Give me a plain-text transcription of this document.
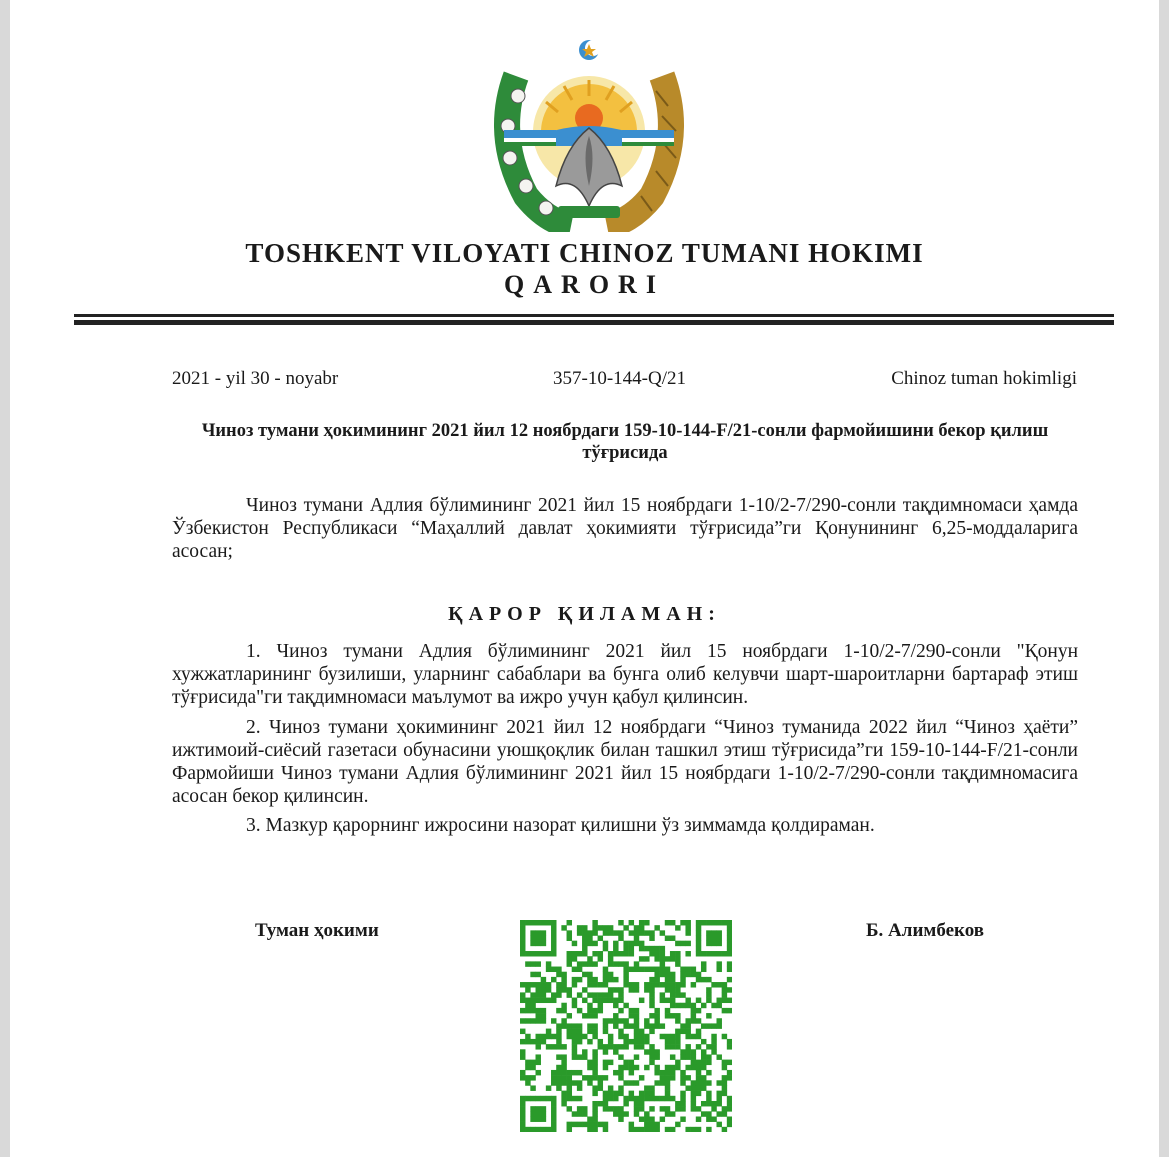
TOSHKENT VILOYATI CHINOZ TUMANI HOKIMI
QARORI
2021 - yil 30 - noyabr	357-10-144-Q/21	Chinoz tuman hokimligi
Чиноз тумани ҳокимининг 2021 йил 12 ноябрдаги 159-10-144-F/21-сонли фармойишини бекор қилиш тўғрисида
Чиноз тумани Адлия бўлимининг 2021 йил 15 ноябрдаги 1-10/2-7/290-сонли тақдимномаси ҳамда Ўзбекистон Республикаси “Маҳаллий давлат ҳокимияти тўғрисида”ги Қонунининг 6,25-моддаларига асосан;
ҚАРОР ҚИЛАМАН:
1. Чиноз тумани Адлия бўлимининг 2021 йил 15 ноябрдаги 1-10/2-7/290-сонли "Қонун хужжатларининг бузилиши, уларнинг сабаблари ва бунга олиб келувчи шарт-шароитларни бартараф этиш тўғрисида"ги тақдимномаси маълумот ва ижро учун қабул қилинсин.
2. Чиноз тумани ҳокимининг 2021 йил 12 ноябрдаги “Чиноз туманида 2022 йил “Чиноз ҳаёти” ижтимоий-сиёсий газетаси обунасини уюшқоқлик билан ташкил этиш тўғрисида”ги 159-10-144-F/21-сонли Фармойиши Чиноз тумани Адлия бўлимининг 2021 йил 15 ноябрдаги 1-10/2-7/290-сонли тақдимномасига асосан бекор қилинсин.
3. Мазкур қарорнинг ижросини назорат қилишни ўз зиммамда қолдираман.
Туман ҳокими	Б. Алимбеков
